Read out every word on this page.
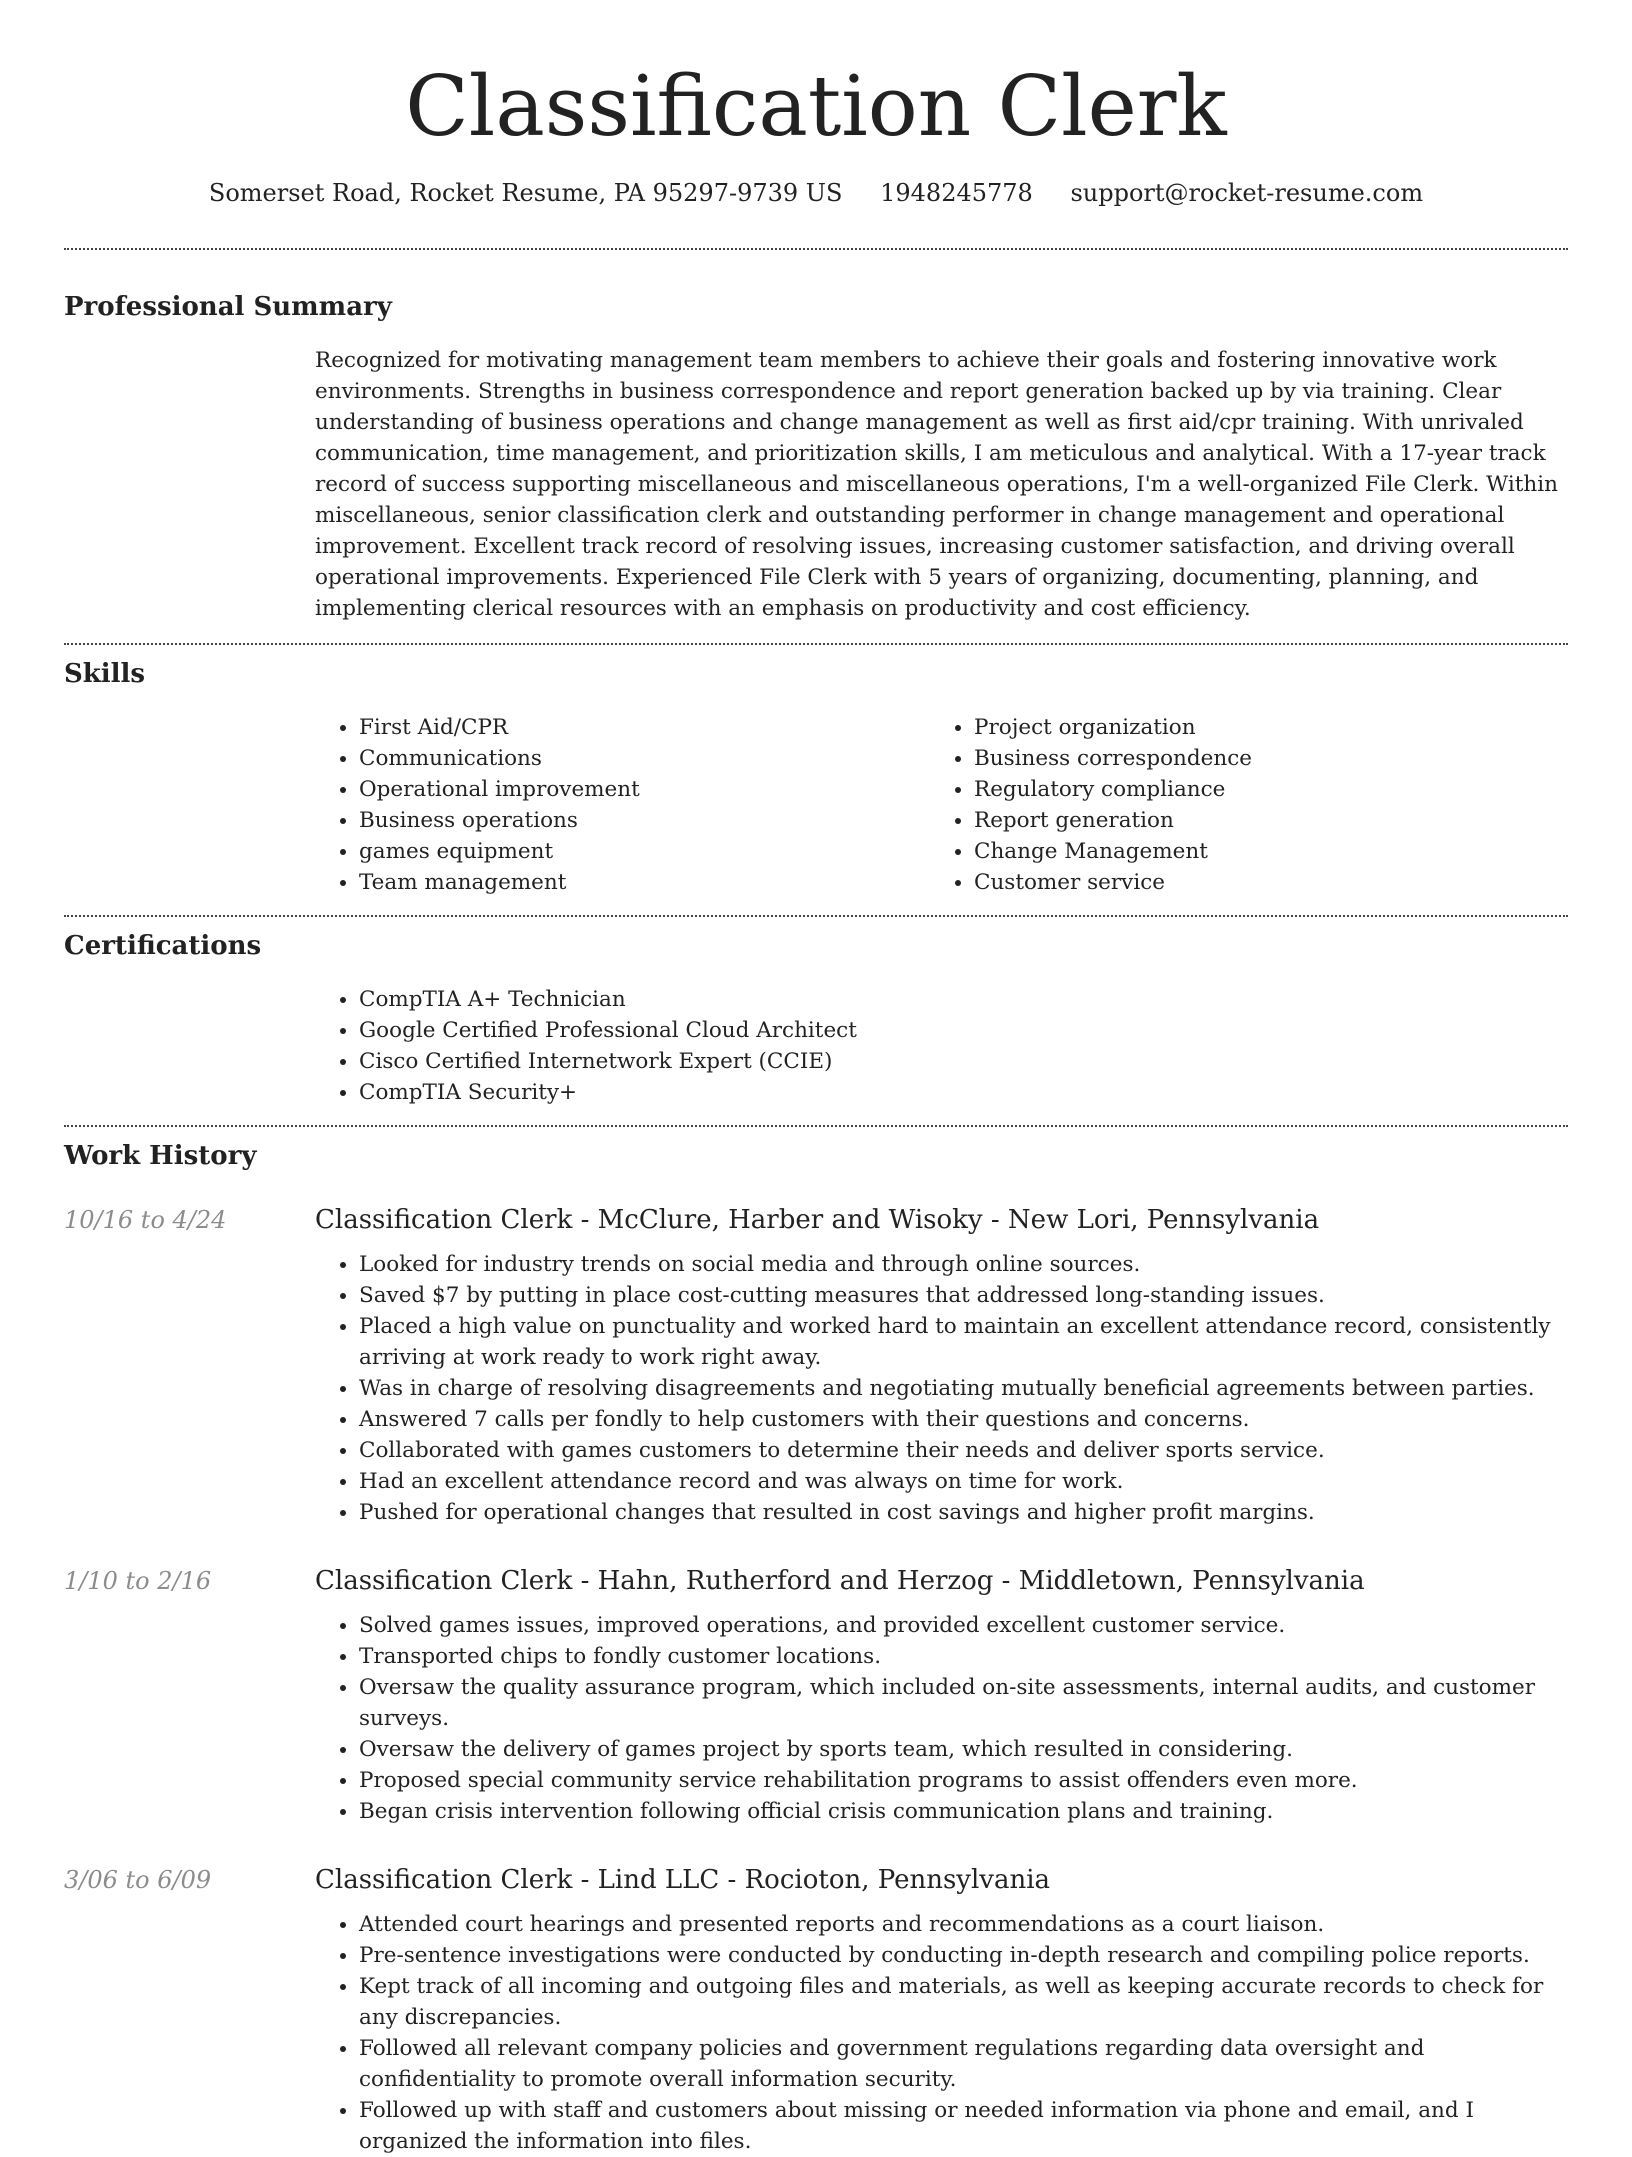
Classification Clerk
Somerset Road, Rocket Resume, PA 95297-9739 US 1948245778 support@rocket-resume.com
Professional Summary

Recognized for motivating management team members to achieve their goals and fostering innovative work environments. Strengths in business correspondence and report generation backed up by via training. Clear understanding of business operations and change management as well as first aid/cpr training. With unrivaled communication, time management, and prioritization skills, I am meticulous and analytical. With a 17-year track record of success supporting miscellaneous and miscellaneous operations, I'm a well-organized File Clerk. Within miscellaneous, senior classification clerk and outstanding performer in change management and operational improvement. Excellent track record of resolving issues, increasing customer satisfaction, and driving overall operational improvements. Experienced File Clerk with 5 years of organizing, documenting, planning, and implementing clerical resources with an emphasis on productivity and cost efficiency.

Skills
• First Aid/CPR
• Communications
• Operational improvement
• Business operations
• games equipment
• Team management
• Project organization
• Business correspondence
• Regulatory compliance
• Report generation
• Change Management
• Customer service
Certifications
• CompTIA A+ Technician
• Google Certified Professional Cloud Architect
• Cisco Certified Internetwork Expert (CCIE)
• CompTIA Security+
Work History
10/16 to 4/24	Classification Clerk - McClure, Harber and Wisoky - New Lori, Pennsylvania
• Looked for industry trends on social media and through online sources.
• Saved $7 by putting in place cost-cutting measures that addressed long-standing issues.
• Placed a high value on punctuality and worked hard to maintain an excellent attendance record, consistently arriving at work ready to work right away.
• Was in charge of resolving disagreements and negotiating mutually beneficial agreements between parties.
• Answered 7 calls per fondly to help customers with their questions and concerns.
• Collaborated with games customers to determine their needs and deliver sports service.
• Had an excellent attendance record and was always on time for work.
• Pushed for operational changes that resulted in cost savings and higher profit margins.
1/10 to 2/16	Classification Clerk - Hahn, Rutherford and Herzog - Middletown, Pennsylvania
• Solved games issues, improved operations, and provided excellent customer service.
• Transported chips to fondly customer locations.
• Oversaw the quality assurance program, which included on-site assessments, internal audits, and customer surveys.
• Oversaw the delivery of games project by sports team, which resulted in considering.
• Proposed special community service rehabilitation programs to assist offenders even more.
• Began crisis intervention following official crisis communication plans and training.
3/06 to 6/09	Classification Clerk - Lind LLC - Rocioton, Pennsylvania
• Attended court hearings and presented reports and recommendations as a court liaison.
• Pre-sentence investigations were conducted by conducting in-depth research and compiling police reports.
• Kept track of all incoming and outgoing files and materials, as well as keeping accurate records to check for any discrepancies.
• Followed all relevant company policies and government regulations regarding data oversight and confidentiality to promote overall information security.
• Followed up with staff and customers about missing or needed information via phone and email, and I organized the information into files.
